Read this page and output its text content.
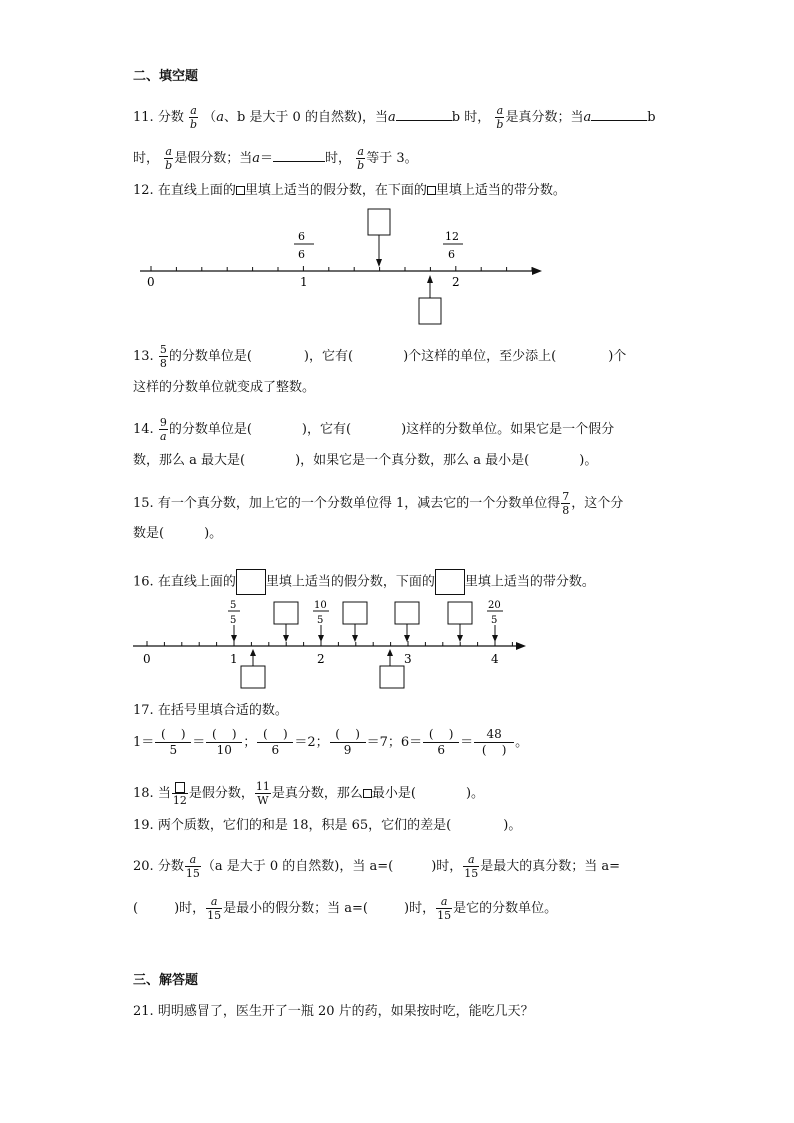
二、填空题
11. 分数 $\frac{a}{b} (a$、b 是大于 0 的自然数)，当a	b 时， $\frac{a}{b}$ 是真分数；当a	b
时， $\frac{a}{b}$ 是假分数；当a＝	时， $\frac{a}{b}$ 等于 3。
12. 在直线上面的 里填上适当的假分数，在下面的 里填上适当的带分数。
0	1	2
6
6
12
6
13. $\frac{5}{8}$ 的分数单位是(	)，它有(	)个这样的单位，至少添上(	)个
这样的分数单位就变成了整数。
14. $\frac{9}{a}$ 的分数单位是(	)，它有(	)这样的分数单位。如果它是一个假分
数，那么 a 最大是(	)，如果它是一个真分数，那么 a 最小是(	)。
15. 有一个真分数，加上它的一个分数单位得 1，减去它的一个分数单位得 $\frac{7}{8}$ ，这个分
数是(	)。
16. 在直线上面的 里填上适当的假分数，下面的 里填上适当的带分数。
0	1	2	3	4
5
5
10
5
20
5
17. 在括号里填合适的数。
$1= \frac{( )}{5} = \frac{( )}{10}$ ； $\frac{( )}{6} =2$； $\frac{( )}{9} =7$；$6= \frac{( )}{6} = \frac{48}{( )}$ 。
18. 当 12 是假分数， $\frac{11}{W}$ 是真分数，那么 最小是(	)。
19. 两个质数，它们的和是 18，积是 65，它们的差是(	)。
20. 分数 $\frac{a}{15} (a$ 是大于 0 的自然数)，当 a=(	)时， $\frac{a}{15}$ 是最大的真分数；当 a=
(	)时， $\frac{a}{15}$ 是最小的假分数；当 a=(	)时， $\frac{a}{15}$ 是它的分数单位。
三、解答题
21. 明明感冒了，医生开了一瓶 20 片的药，如果按时吃，能吃几天？
